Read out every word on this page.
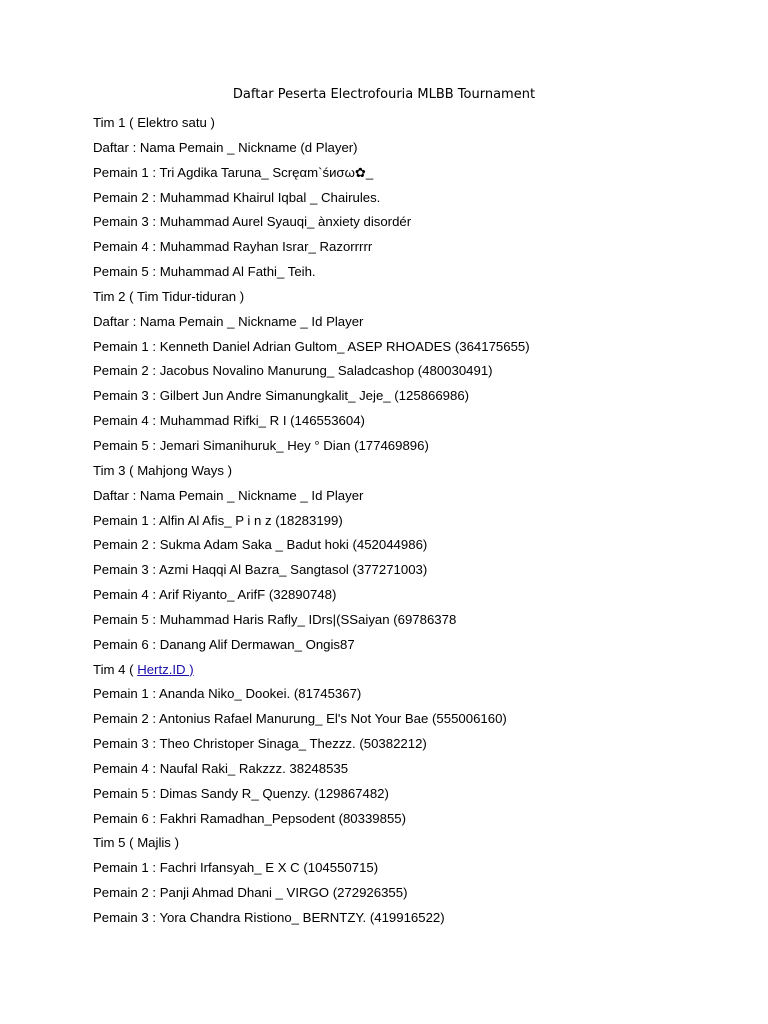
Daftar Peserta Electrofouria MLBB Tournament
Tim 1 ( Elektro satu )
Daftar : Nama Pemain _ Nickname (d Player)
Pemain 1 : Tri Agdika Taruna_ Scręαm`śиσω✿_
Pemain 2 : Muhammad Khairul Iqbal _ Chairules.
Pemain 3 : Muhammad Aurel Syauqi_ ànxiety disordér
Pemain 4 : Muhammad Rayhan Israr_ Razorrrrr
Pemain 5 : Muhammad Al Fathi_ Teih.
Tim 2 ( Tim Tidur-tiduran )
Daftar : Nama Pemain _ Nickname _ Id Player
Pemain 1 : Kenneth Daniel Adrian Gultom_ ASEP RHOADES (364175655)
Pemain 2 : Jacobus Novalino Manurung_ Saladcashop (480030491)
Pemain 3 : Gilbert Jun Andre Simanungkalit_ Jeje_ (125866986)
Pemain 4 : Muhammad Rifki_ R I (146553604)
Pemain 5 : Jemari Simanihuruk_ Hey ° Dian (177469896)
Tim 3 ( Mahjong Ways )
Daftar : Nama Pemain _ Nickname _ Id Player
Pemain 1 : Alfin Al Afis_ P i n z (18283199)
Pemain 2 : Sukma Adam Saka _ Badut hoki (452044986)
Pemain 3 : Azmi Haqqi Al Bazra_ Sangtasol (377271003)
Pemain 4 : Arif Riyanto_ ArifF (32890748)
Pemain 5 : Muhammad Haris Rafly_ IDrs|(SSaiyan (69786378
Pemain 6 : Danang Alif Dermawan_ Ongis87
Tim 4 ( Hertz.ID )
Pemain 1 : Ananda Niko_ Dookei. (81745367)
Pemain 2 : Antonius Rafael Manurung_ El's Not Your Bae (555006160)
Pemain 3 : Theo Christoper Sinaga_ Thezzz. (50382212)
Pemain 4 : Naufal Raki_ Rakzzz. 38248535
Pemain 5 : Dimas Sandy R_ Quenzy. (129867482)
Pemain 6 : Fakhri Ramadhan_Pepsodent (80339855)
Tim 5 ( Majlis )
Pemain 1 : Fachri Irfansyah_ E X C (104550715)
Pemain 2 : Panji Ahmad Dhani _ VIRGO (272926355)
Pemain 3 : Yora Chandra Ristiono_ BERNTZY. (419916522)
